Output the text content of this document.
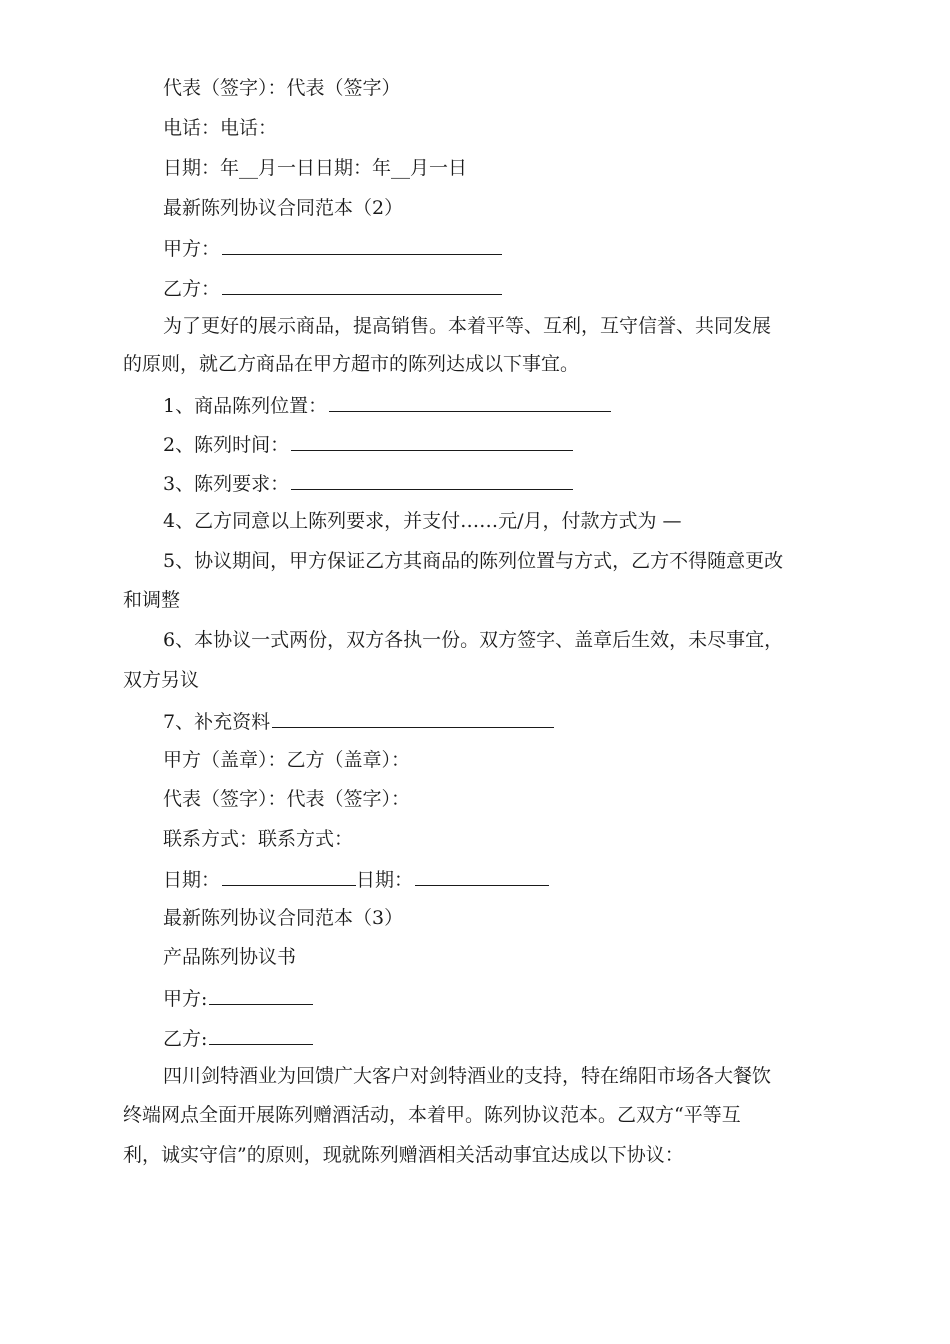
代表（签字）：代表（签字）
电话：电话：
日期：年__月一日日期：年__月一日
最新陈列协议合同范本（2）
甲方：
乙方：
为了更好的展示商品，提高销售。本着平等、互利，互守信誉、共同发展
的原则，就乙方商品在甲方超市的陈列达成以下事宜。
1、商品陈列位置：
2、陈列时间：
3、陈列要求：
4、乙方同意以上陈列要求，并支付……元/月，付款方式为 —
5、协议期间，甲方保证乙方其商品的陈列位置与方式，乙方不得随意更改
和调整
6、本协议一式两份，双方各执一份。双方签字、盖章后生效，未尽事宜，
双方另议
7、补充资料
甲方（盖章）：乙方（盖章）：
代表（签字）：代表（签字）：
联系方式：联系方式：
日期：	日期：
最新陈列协议合同范本（3）
产品陈列协议书
甲方:
乙方:
四川剑特酒业为回馈广大客户对剑特酒业的支持，特在绵阳市场各大餐饮
终端网点全面开展陈列赠酒活动，本着甲。陈列协议范本。乙双方“平等互
利，诚实守信”的原则，现就陈列赠酒相关活动事宜达成以下协议：
